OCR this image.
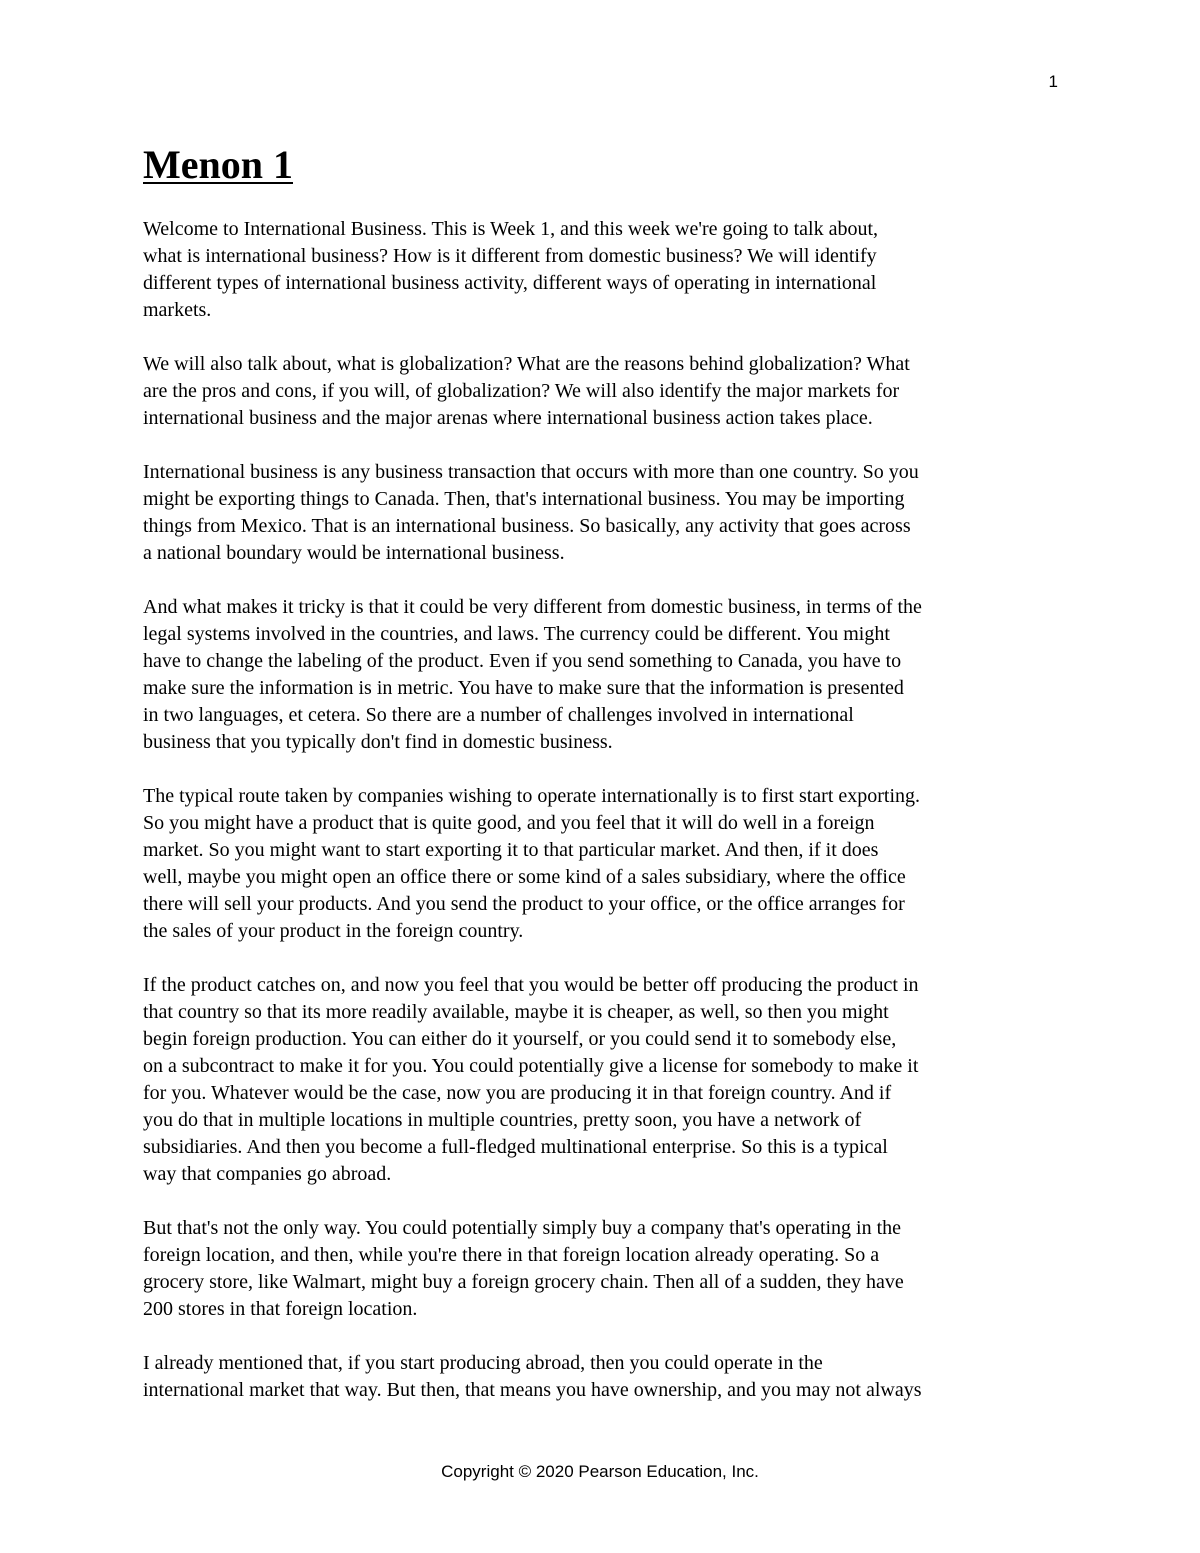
1
Menon 1
Welcome to International Business. This is Week 1, and this week we're going to talk about,
what is international business? How is it different from domestic business? We will identify
different types of international business activity, different ways of operating in international
markets.
We will also talk about, what is globalization? What are the reasons behind globalization? What
are the pros and cons, if you will, of globalization? We will also identify the major markets for
international business and the major arenas where international business action takes place.
International business is any business transaction that occurs with more than one country. So you
might be exporting things to Canada. Then, that's international business. You may be importing
things from Mexico. That is an international business. So basically, any activity that goes across
a national boundary would be international business.
And what makes it tricky is that it could be very different from domestic business, in terms of the
legal systems involved in the countries, and laws. The currency could be different. You might
have to change the labeling of the product. Even if you send something to Canada, you have to
make sure the information is in metric. You have to make sure that the information is presented
in two languages, et cetera. So there are a number of challenges involved in international
business that you typically don't find in domestic business.
The typical route taken by companies wishing to operate internationally is to first start exporting.
So you might have a product that is quite good, and you feel that it will do well in a foreign
market. So you might want to start exporting it to that particular market. And then, if it does
well, maybe you might open an office there or some kind of a sales subsidiary, where the office
there will sell your products. And you send the product to your office, or the office arranges for
the sales of your product in the foreign country.
If the product catches on, and now you feel that you would be better off producing the product in
that country so that its more readily available, maybe it is cheaper, as well, so then you might
begin foreign production. You can either do it yourself, or you could send it to somebody else,
on a subcontract to make it for you. You could potentially give a license for somebody to make it
for you. Whatever would be the case, now you are producing it in that foreign country. And if
you do that in multiple locations in multiple countries, pretty soon, you have a network of
subsidiaries. And then you become a full-fledged multinational enterprise. So this is a typical
way that companies go abroad.
But that's not the only way. You could potentially simply buy a company that's operating in the
foreign location, and then, while you're there in that foreign location already operating. So a
grocery store, like Walmart, might buy a foreign grocery chain. Then all of a sudden, they have
200 stores in that foreign location.
I already mentioned that, if you start producing abroad, then you could operate in the
international market that way. But then, that means you have ownership, and you may not always
Copyright © 2020 Pearson Education, Inc.
